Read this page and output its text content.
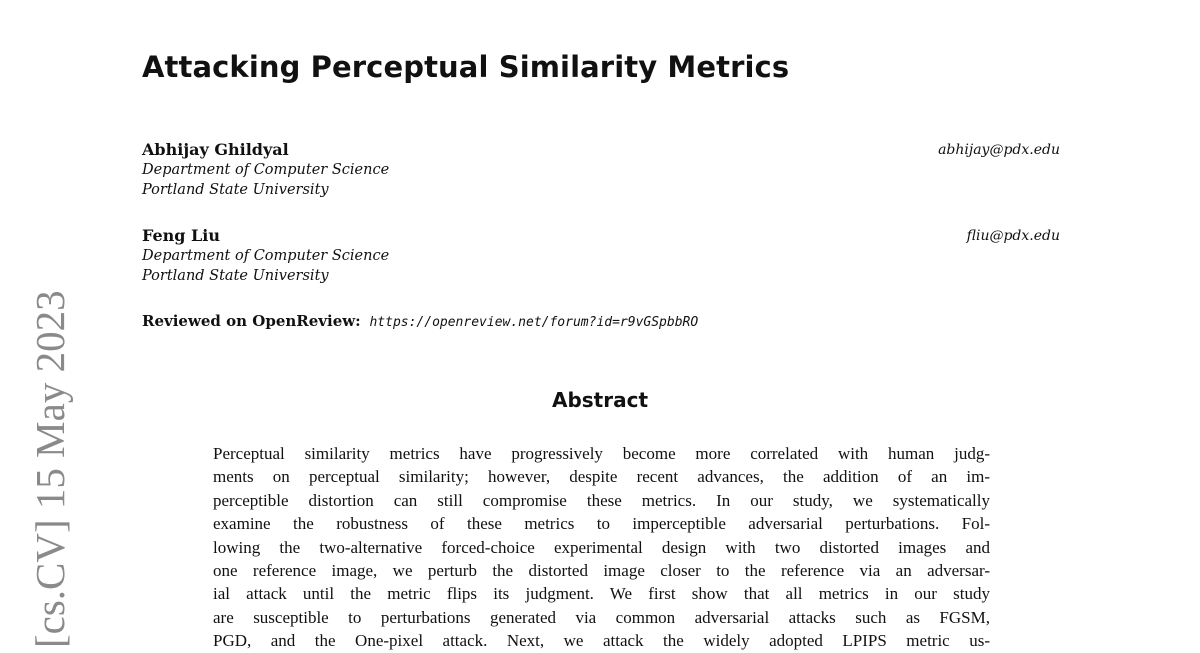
[cs.CV] 15 May 2023
Attacking Perceptual Similarity Metrics
Abhijay Ghildyal	abhijay@pdx.edu
Department of Computer Science
Portland State University
Feng Liu	fliu@pdx.edu
Department of Computer Science
Portland State University
Reviewed on OpenReview: https://openreview.net/forum?id=r9vGSpbbRO
Abstract
Perceptual similarity metrics have progressively become more correlated with human judg-
ments on perceptual similarity; however, despite recent advances, the addition of an im-
perceptible distortion can still compromise these metrics. In our study, we systematically
examine the robustness of these metrics to imperceptible adversarial perturbations. Fol-
lowing the two-alternative forced-choice experimental design with two distorted images and
one reference image, we perturb the distorted image closer to the reference via an adversar-
ial attack until the metric flips its judgment. We first show that all metrics in our study
are susceptible to perturbations generated via common adversarial attacks such as FGSM,
PGD, and the One-pixel attack. Next, we attack the widely adopted LPIPS metric us-
